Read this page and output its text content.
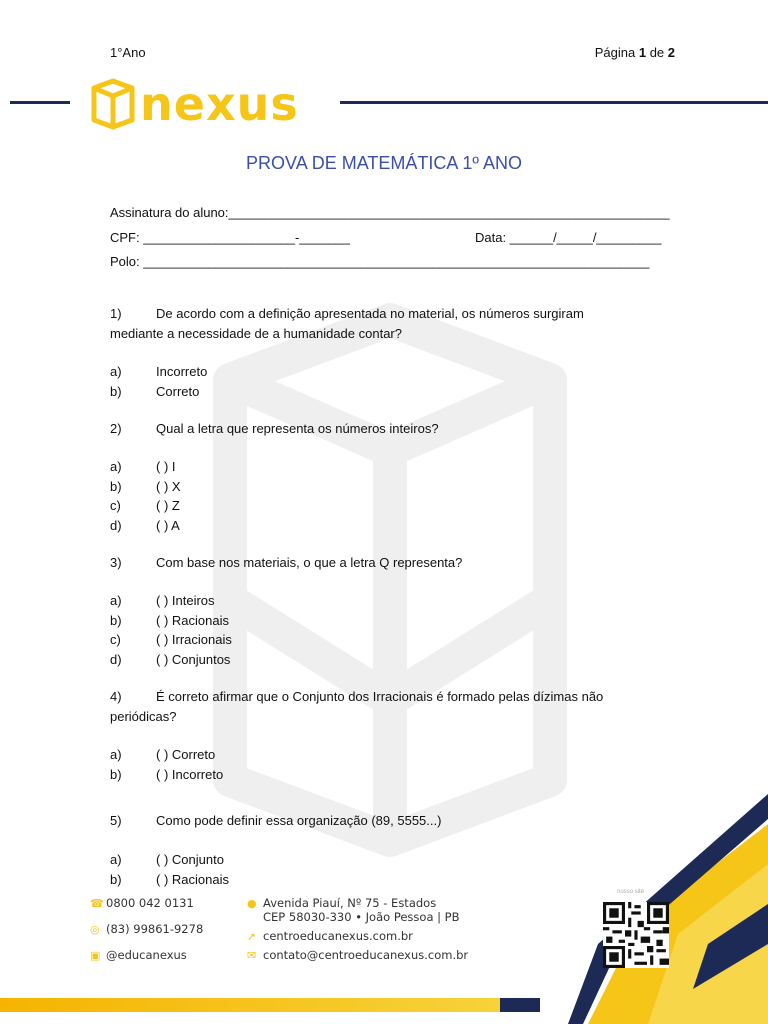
1°Ano	Página 1 de 2
nexus
PROVA DE MATEMÁTICA 1º ANO
Assinatura do aluno:_____________________________________________________________
CPF: _____________________-_______	Data: ______/_____/_________
Polo: ______________________________________________________________________
1)	De acordo com a definição apresentada no material, os números surgiram
mediante a necessidade de a humanidade contar?
a)	Incorreto
b)	Correto
2)	Qual a letra que representa os números inteiros?
a)	( ) I
b)	( ) X
c)	( ) Z
d)	( ) A
3)	Com base nos materiais, o que a letra Q representa?
a)	( ) Inteiros
b)	( ) Racionais
c)	( ) Irracionais
d)	( ) Conjuntos
4)	É correto afirmar que o Conjunto dos Irracionais é formado pelas dízimas não
periódicas?
a)	( ) Correto
b)	( ) Incorreto
5)	Como pode definir essa organização (89, 5555...)
a)	( ) Conjunto
b)	( ) Racionais
☎ 0800 042 0131
◎ (83) 99861-9278
▣ @educanexus
● Avenida Piauí, Nº 75 - Estados
CEP 58030-330 • João Pessoa | PB
➚ centroeducanexus.com.br
✉ contato@centroeducanexus.com.br
nosso site
